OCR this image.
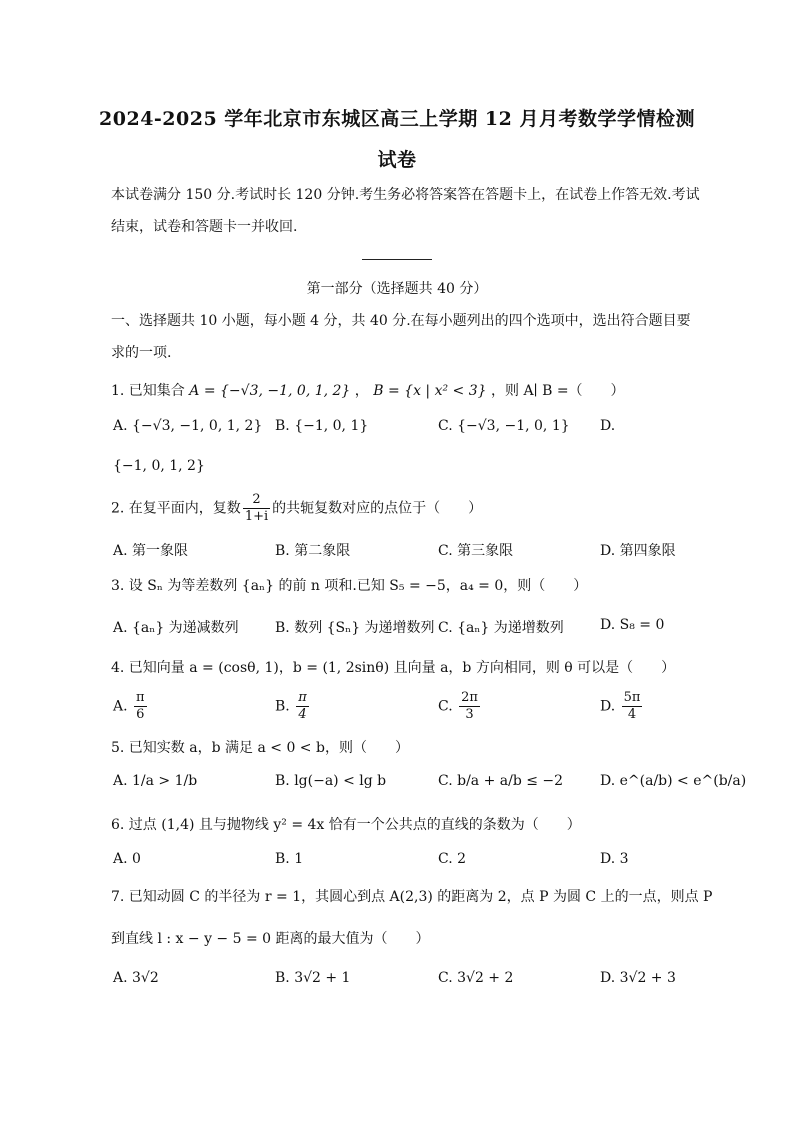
2024-2025 学年北京市东城区高三上学期 12 月月考数学学情检测
试卷
本试卷满分 150 分.考试时长 120 分钟.考生务必将答案答在答题卡上，在试卷上作答无效.考试
结束，试卷和答题卡一并收回.
第一部分（选择题共 40 分）
一、选择题共 10 小题，每小题 4 分，共 40 分.在每小题列出的四个选项中，选出符合题目要
求的一项.
1. 已知集合 A = {−√3, −1, 0, 1, 2} ， B = {x | x² < 3} ，则 A∣ B =（　　）
A. {−√3, −1, 0, 1, 2} B. {−1, 0, 1}	C. {−√3, −1, 0, 1} D.
{−1, 0, 1, 2}
2. 在复平面内，复数 $\frac{2}{1+i}$ 的共轭复数对应的点位于（　　）
A. 第一象限	B. 第二象限	C. 第三象限	D. 第四象限
3. 设 Sₙ 为等差数列 {aₙ} 的前 n 项和.已知 S₅ = −5，a₄ = 0，则（　　）
A. {aₙ} 为递减数列	B. 数列 {Sₙ} 为递增数列 C. {aₙ} 为递增数列	D. S₈ = 0
4. 已知向量 a = (cosθ, 1)，b = (1, 2sinθ) 且向量 a，b 方向相同，则 θ 可以是（　　）
A. $\frac{\pi}{6}$	B. $\frac{\pi}{4}$	C. $\frac{2\pi}{3}$	D. $\frac{5\pi}{4}$
5. 已知实数 a，b 满足 a < 0 < b，则（　　）
A. 1/a > 1/b	B. lg(−a) < lg b	C. b/a + a/b ≤ −2	D. e^(a/b) < e^(b/a)
6. 过点 (1,4) 且与抛物线 y² = 4x 恰有一个公共点的直线的条数为（　　）
A. 0	B. 1	C. 2	D. 3
7. 已知动圆 C 的半径为 r = 1，其圆心到点 A(2,3) 的距离为 2，点 P 为圆 C 上的一点，则点 P
到直线 l : x − y − 5 = 0 距离的最大值为（　　）
A. 3√2	B. 3√2 + 1	C. 3√2 + 2	D. 3√2 + 3
